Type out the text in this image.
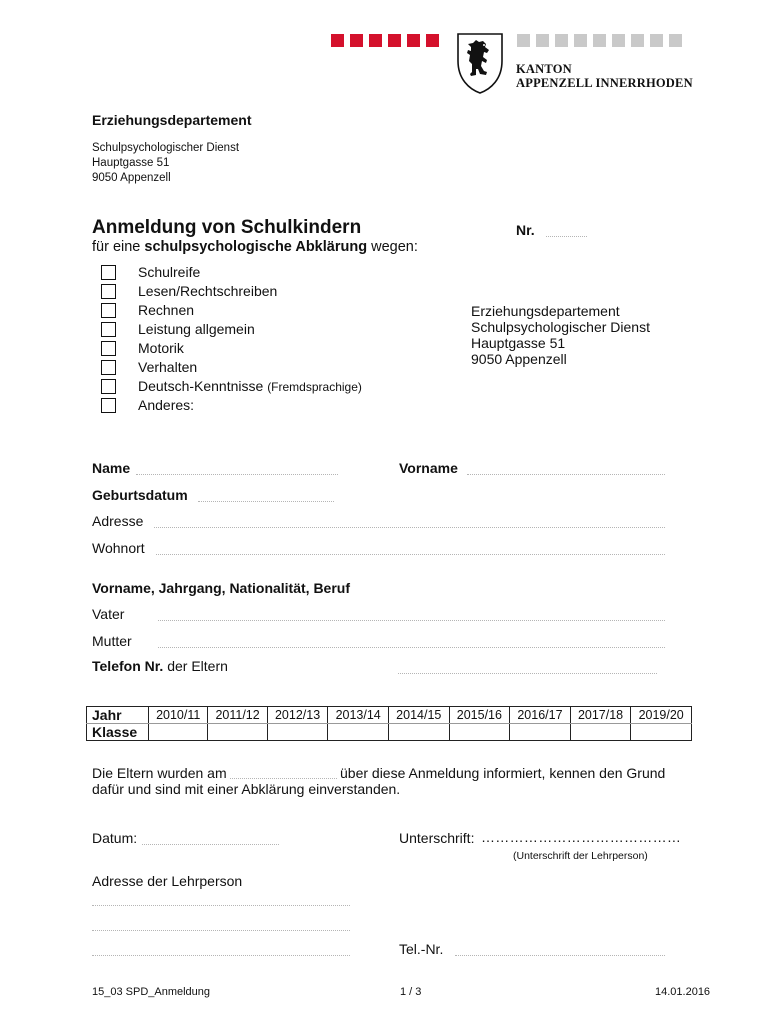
KANTON
APPENZELL INNERRHODEN
Erziehungsdepartement
Schulpsychologischer Dienst
Hauptgasse 51
9050 Appenzell
Anmeldung von Schulkindern	Nr.
für eine schulpsychologische Abklärung wegen:
Schulreife
Lesen/Rechtschreiben
Rechnen
Leistung allgemein
Motorik
Verhalten
Deutsch-Kenntnisse (Fremdsprachige)
Anderes:
Erziehungsdepartement
Schulpsychologischer Dienst
Hauptgasse 51
9050 Appenzell
Name	Vorname
Geburtsdatum
Adresse
Wohnort
Vorname, Jahrgang, Nationalität, Beruf
Vater
Mutter
Telefon Nr. der Eltern
Jahr	2010/11	2011/12	2012/13	2013/14	2014/15	2015/16	2016/17	2017/18	2019/20
Klasse									
Die Eltern wurden am	über diese Anmeldung informiert, kennen den Grund
dafür und sind mit einer Abklärung einverstanden.
Datum:	Unterschrift: ……………………………………
(Unterschrift der Lehrperson)
Adresse der Lehrperson
Tel.-Nr.
15_03 SPD_Anmeldung	1 / 3	14.01.2016
